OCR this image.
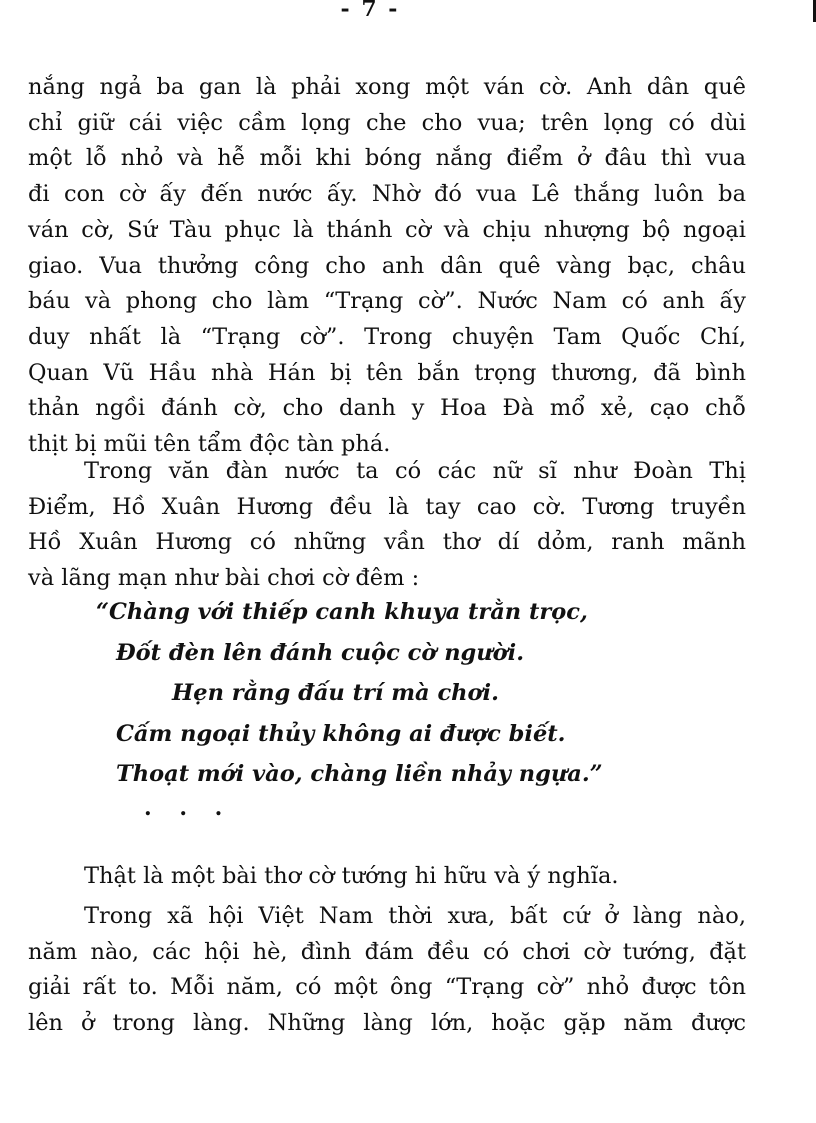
- 7 -
nắng ngả ba gan là phải xong một ván cờ. Anh dân quê
chỉ giữ cái việc cầm lọng che cho vua; trên lọng có dùi
một lỗ nhỏ và hễ mỗi khi bóng nắng điểm ở đâu thì vua
đi con cờ ấy đến nước ấy. Nhờ đó vua Lê thắng luôn ba
ván cờ, Sứ Tàu phục là thánh cờ và chịu nhượng bộ ngoại
giao. Vua thưởng công cho anh dân quê vàng bạc, châu
báu và phong cho làm “Trạng cờ”. Nước Nam có anh ấy
duy nhất là “Trạng cờ”. Trong chuyện Tam Quốc Chí,
Quan Vũ Hầu nhà Hán bị tên bắn trọng thương, đã bình
thản ngồi đánh cờ, cho danh y Hoa Đà mổ xẻ, cạo chỗ
thịt bị mũi tên tẩm độc tàn phá.
Trong văn đàn nước ta có các nữ sĩ như Đoàn Thị
Điểm, Hồ Xuân Hương đều là tay cao cờ. Tương truyền
Hồ Xuân Hương có những vần thơ dí dỏm, ranh mãnh
và lãng mạn như bài chơi cờ đêm :
“Chàng với thiếp canh khuya trằn trọc,
Đốt đèn lên đánh cuộc cờ người.
Hẹn rằng đấu trí mà chơi.
Cấm ngoại thủy không ai được biết.
Thoạt mới vào, chàng liền nhảy ngựa.”
. . .
Thật là một bài thơ cờ tướng hi hữu và ý nghĩa.
Trong xã hội Việt Nam thời xưa, bất cứ ở làng nào,
năm nào, các hội hè, đình đám đều có chơi cờ tướng, đặt
giải rất to. Mỗi năm, có một ông “Trạng cờ” nhỏ được tôn
lên ở trong làng. Những làng lớn, hoặc gặp năm được
